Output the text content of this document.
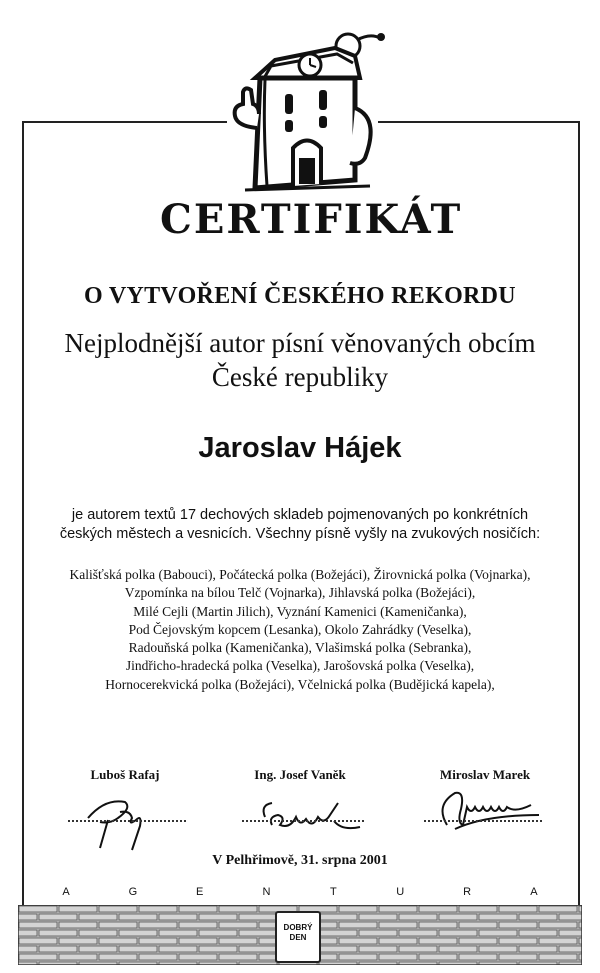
CERTIFIKÁT
O VYTVOŘENÍ ČESKÉHO REKORDU
Nejplodnější autor písní věnovaných obcím
České republiky
Jaroslav Hájek
je autorem textů 17 dechových skladeb pojmenovaných po konkrétních
českých městech a vesnicích. Všechny písně vyšly na zvukových nosičích:
Kališťská polka (Babouci), Počátecká polka (Božejáci), Žirovnická polka (Vojnarka),
Vzpomínka na bílou Telč (Vojnarka), Jihlavská polka (Božejáci),
Milé Cejli (Martin Jilich), Vyznání Kamenici (Kameničanka),
Pod Čejovským kopcem (Lesanka), Okolo Zahrádky (Veselka),
Radouňská polka (Kameničanka), Vlašimská polka (Sebranka),
Jindřicho-hradecká polka (Veselka), Jarošovská polka (Veselka),
Hornocerekvická polka (Božejáci), Včelnická polka (Budějická kapela),
Luboš Rafaj	Ing. Josef Vaněk	Miroslav Marek
V Pelhřimově, 31. srpna 2001
A	G	E	N	T	U	R	A
DOBRÝ
DEN
